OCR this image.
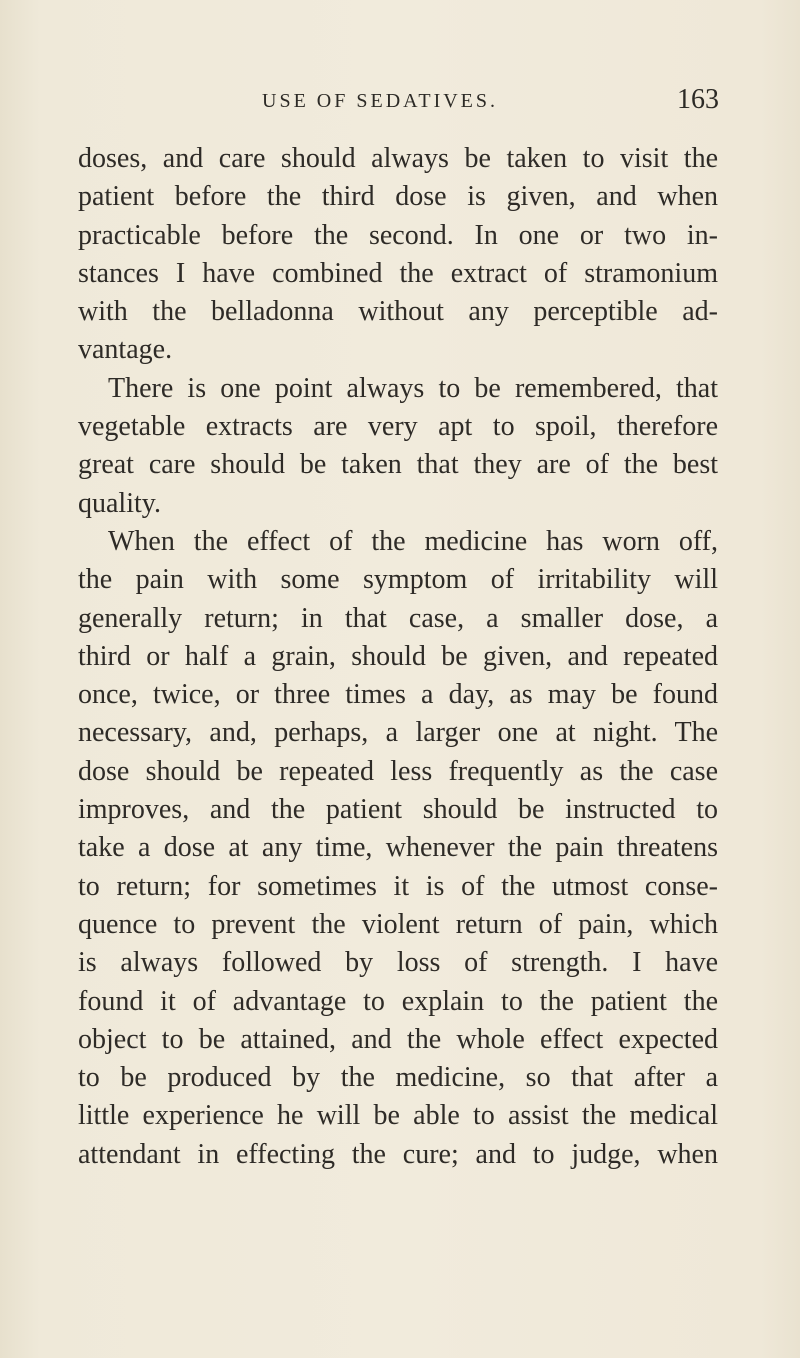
USE OF SEDATIVES.	163
doses, and care should always be taken to visit the
patient before the third dose is given, and when
practicable before the second. In one or two in-
stances I have combined the extract of stramonium
with the belladonna without any perceptible ad-
vantage.
There is one point always to be remembered, that
vegetable extracts are very apt to spoil, therefore
great care should be taken that they are of the best
quality.
When the effect of the medicine has worn off,
the pain with some symptom of irritability will
generally return; in that case, a smaller dose, a
third or half a grain, should be given, and repeated
once, twice, or three times a day, as may be found
necessary, and, perhaps, a larger one at night. The
dose should be repeated less frequently as the case
improves, and the patient should be instructed to
take a dose at any time, whenever the pain threatens
to return; for sometimes it is of the utmost conse-
quence to prevent the violent return of pain, which
is always followed by loss of strength. I have
found it of advantage to explain to the patient the
object to be attained, and the whole effect expected
to be produced by the medicine, so that after a
little experience he will be able to assist the medical
attendant in effecting the cure; and to judge, when
